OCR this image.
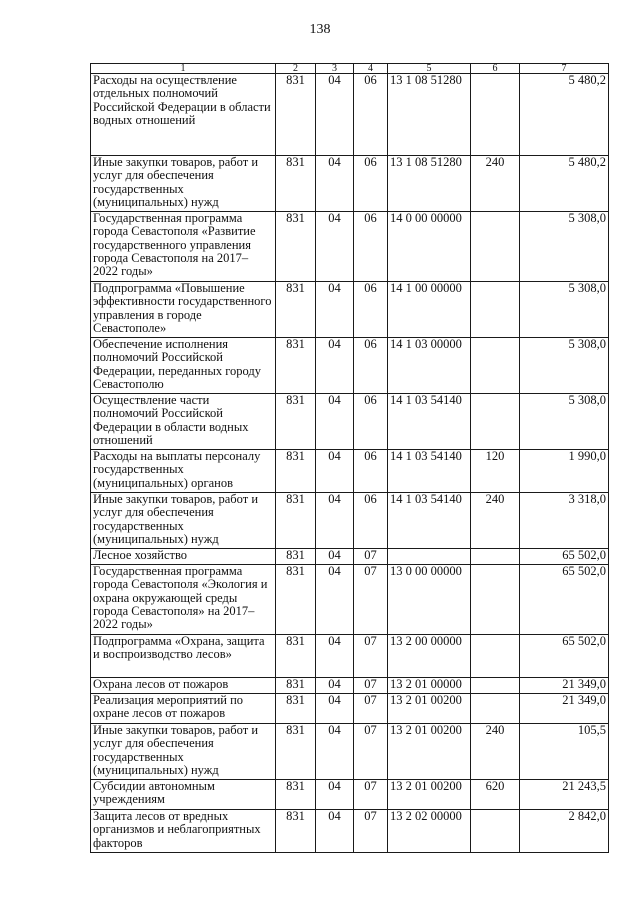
138
1	2	3	4	5	6	7
Расходы на осуществление отдельных полномочий Российской Федерации в области водных отношений	831	04	06	13 1 08 51280		5 480,2
Иные закупки товаров, работ и услуг для обеспечения государственных (муниципальных) нужд	831	04	06	13 1 08 51280	240	5 480,2
Государственная программа города Севастополя «Развитие государственного управления города Севастополя на 2017–2022 годы»	831	04	06	14 0 00 00000		5 308,0
Подпрограмма «Повышение эффективности государственного управления в городе Севастополе»	831	04	06	14 1 00 00000		5 308,0
Обеспечение исполнения полномочий Российской Федерации, переданных городу Севастополю	831	04	06	14 1 03 00000		5 308,0
Осуществление части полномочий Российской Федерации в области водных отношений	831	04	06	14 1 03 54140		5 308,0
Расходы на выплаты персоналу государственных (муниципальных) органов	831	04	06	14 1 03 54140	120	1 990,0
Иные закупки товаров, работ и услуг для обеспечения государственных (муниципальных) нужд	831	04	06	14 1 03 54140	240	3 318,0
Лесное хозяйство	831	04	07			65 502,0
Государственная программа города Севастополя «Экология и охрана окружающей среды города Севастополя» на 2017–2022 годы»	831	04	07	13 0 00 00000		65 502,0
Подпрограмма «Охрана, защита и воспроизводство лесов»	831	04	07	13 2 00 00000		65 502,0
Охрана лесов от пожаров	831	04	07	13 2 01 00000		21 349,0
Реализация мероприятий по охране лесов от пожаров	831	04	07	13 2 01 00200		21 349,0
Иные закупки товаров, работ и услуг для обеспечения государственных (муниципальных) нужд	831	04	07	13 2 01 00200	240	105,5
Субсидии автономным учреждениям	831	04	07	13 2 01 00200	620	21 243,5
Защита лесов от вредных организмов и неблагоприятных факторов	831	04	07	13 2 02 00000		2 842,0
